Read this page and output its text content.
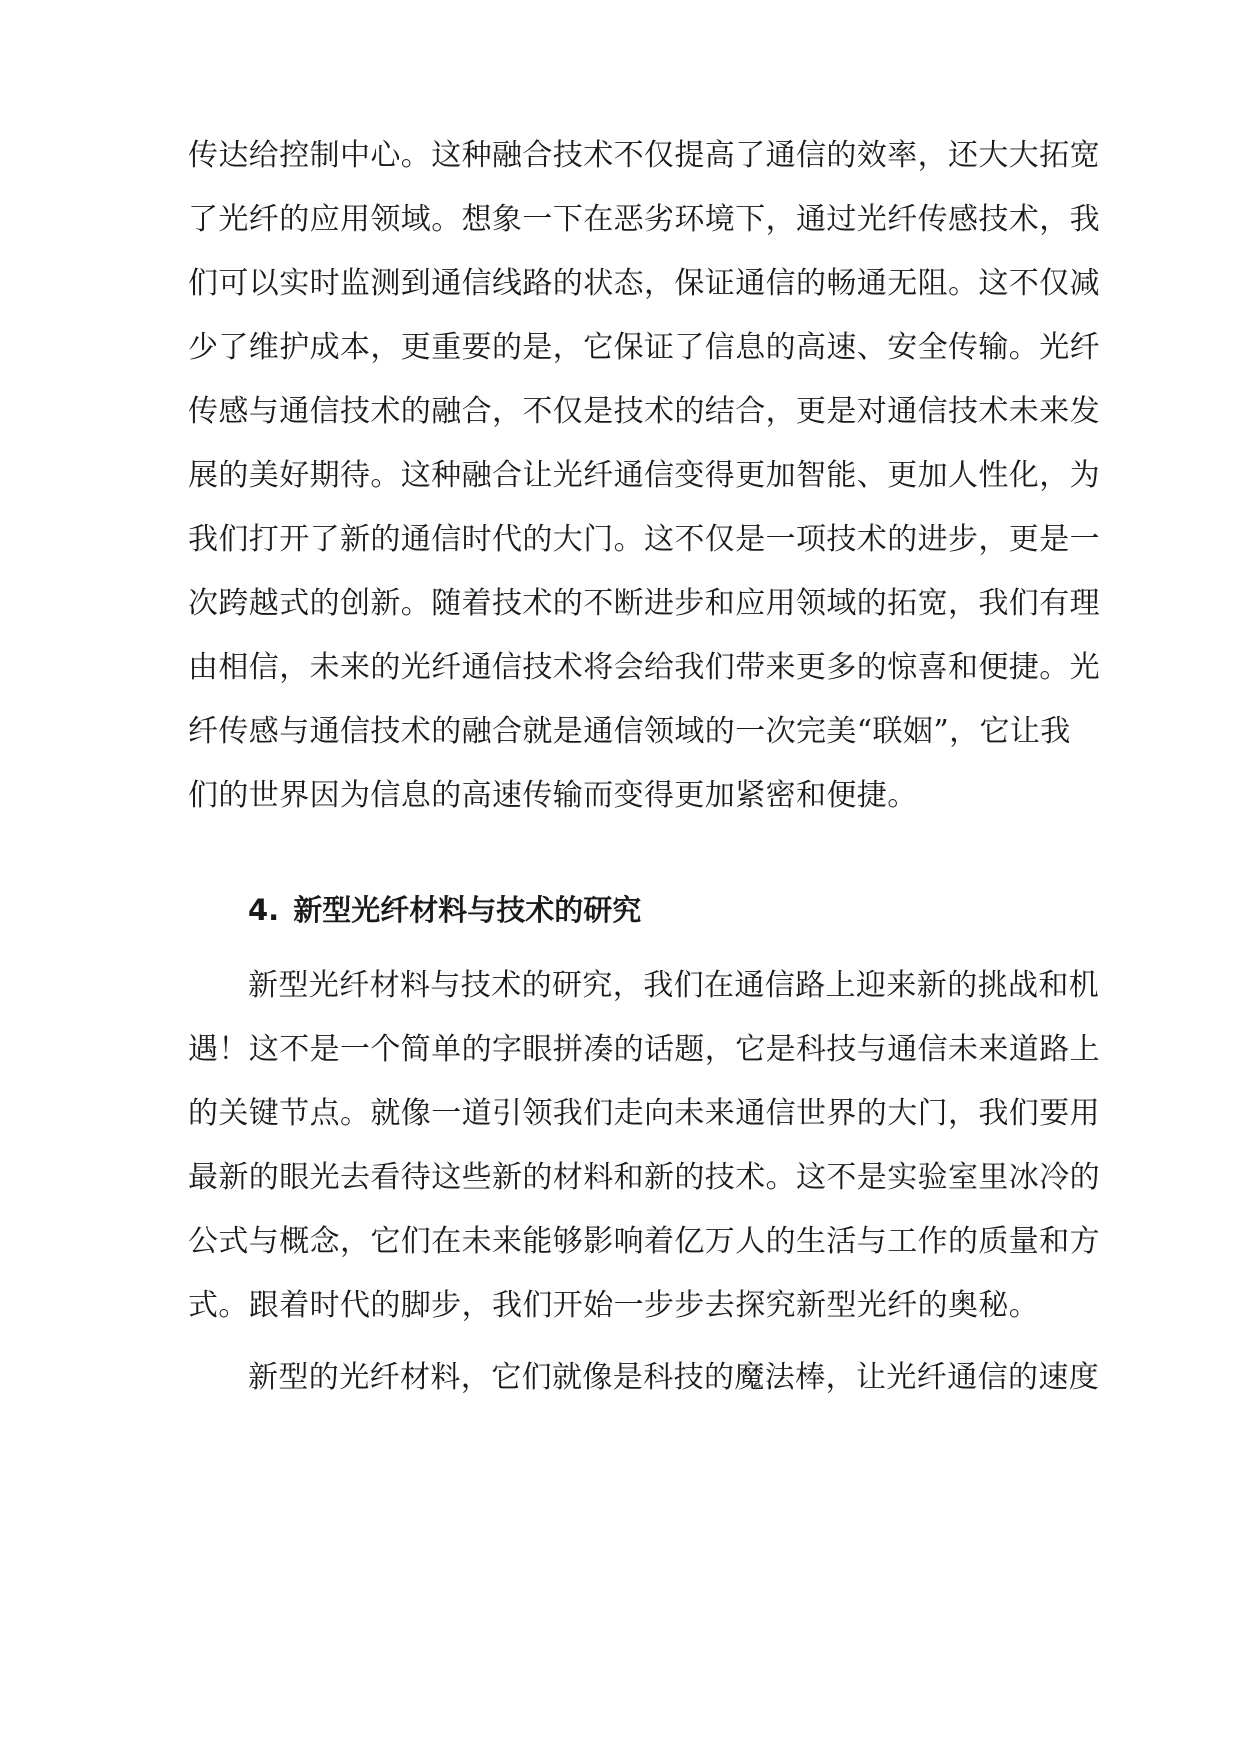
传达给控制中心。这种融合技术不仅提高了通信的效率，还大大拓宽
了光纤的应用领域。想象一下在恶劣环境下，通过光纤传感技术，我
们可以实时监测到通信线路的状态，保证通信的畅通无阻。这不仅减
少了维护成本，更重要的是，它保证了信息的高速、安全传输。光纤
传感与通信技术的融合，不仅是技术的结合，更是对通信技术未来发
展的美好期待。这种融合让光纤通信变得更加智能、更加人性化，为
我们打开了新的通信时代的大门。这不仅是一项技术的进步，更是一
次跨越式的创新。随着技术的不断进步和应用领域的拓宽，我们有理
由相信，未来的光纤通信技术将会给我们带来更多的惊喜和便捷。光
纤传感与通信技术的融合就是通信领域的一次完美“联姻”，它让我
们的世界因为信息的高速传输而变得更加紧密和便捷。
4. 新型光纤材料与技术的研究
新型光纤材料与技术的研究，我们在通信路上迎来新的挑战和机
遇！这不是一个简单的字眼拼凑的话题，它是科技与通信未来道路上
的关键节点。就像一道引领我们走向未来通信世界的大门，我们要用
最新的眼光去看待这些新的材料和新的技术。这不是实验室里冰冷的
公式与概念，它们在未来能够影响着亿万人的生活与工作的质量和方
式。跟着时代的脚步，我们开始一步步去探究新型光纤的奥秘。
新型的光纤材料，它们就像是科技的魔法棒，让光纤通信的速度
